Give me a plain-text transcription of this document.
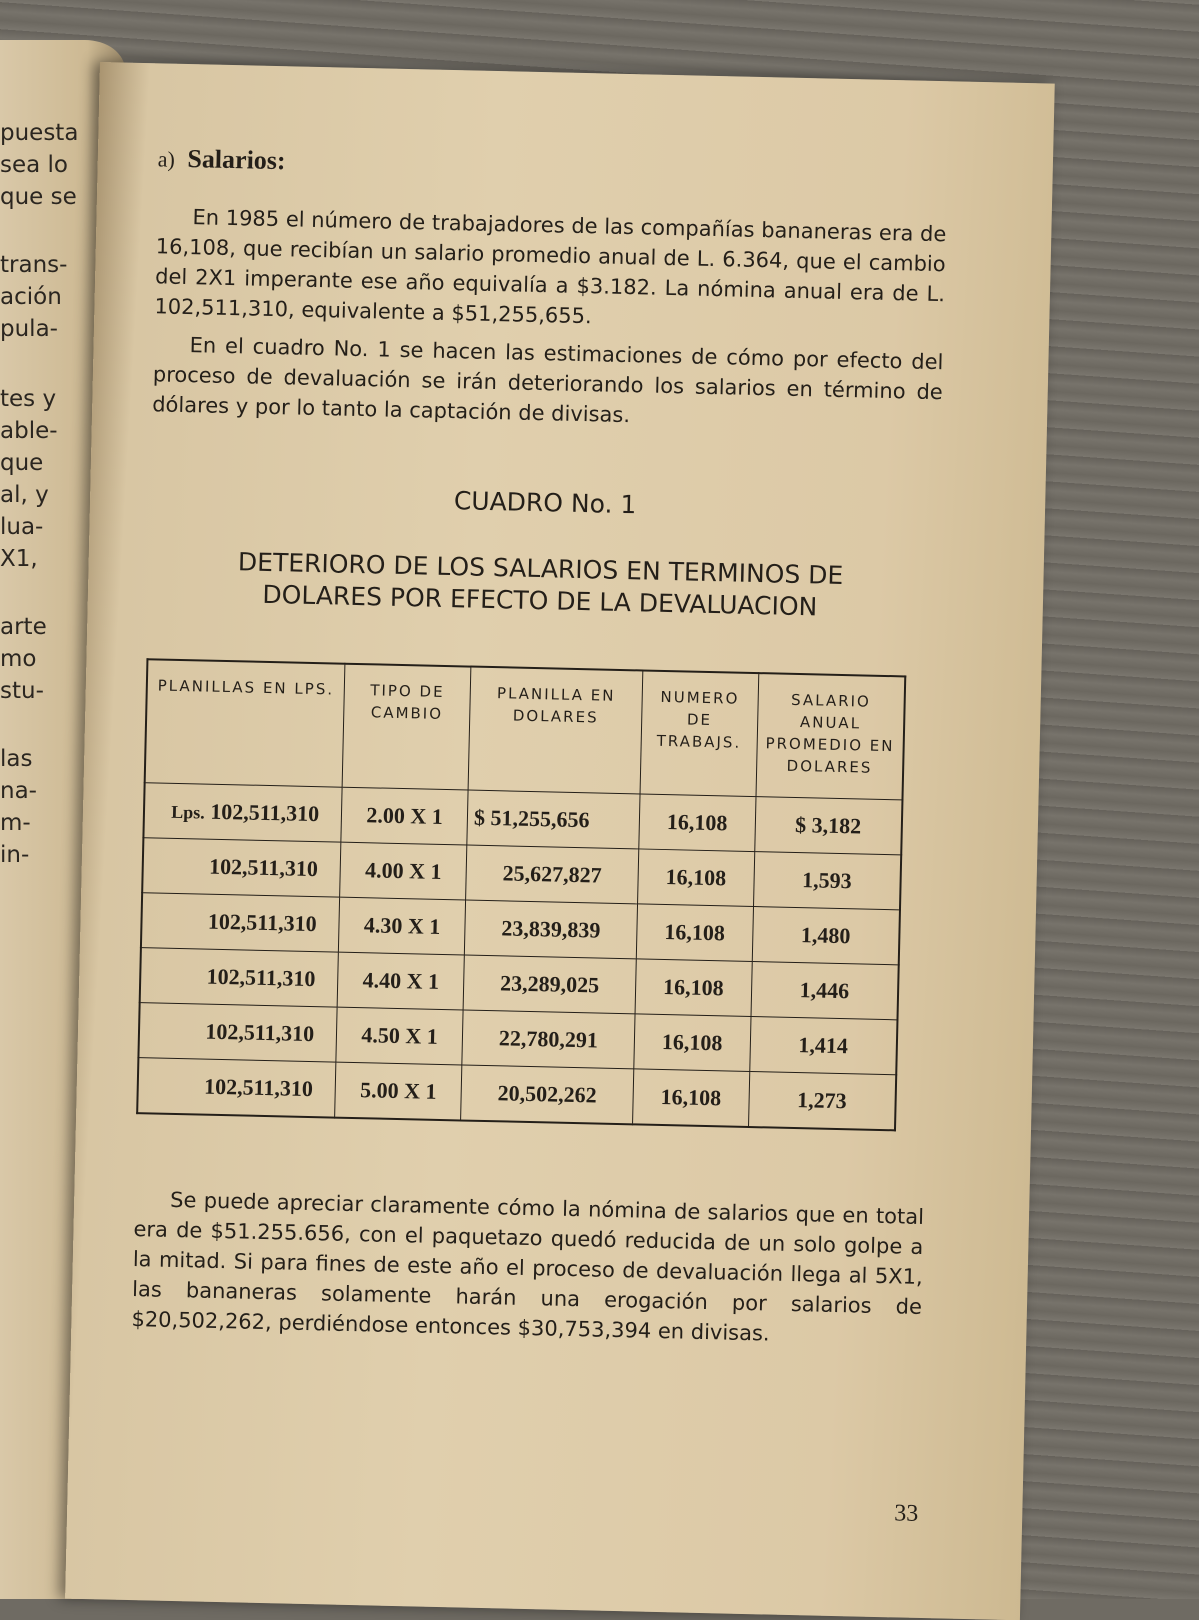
puesta
sea lo
que se
trans-
ación
pula-
tes y
able-
que
al, y
lua-
X1,
arte
mo
stu-
las
na-
m-
in-
a) Salarios:

En 1985 el número de trabajadores de las compañías bananeras era de 16,108, que recibían un salario promedio anual de L. 6.364, que el cambio del 2X1 imperante ese año equivalía a $3.182. La nómina anual era de L. 102,511,310, equivalente a $51,255,655.

En el cuadro No. 1 se hacen las estimaciones de cómo por efecto del proceso de devaluación se irán deteriorando los salarios en término de dólares y por lo tanto la captación de divisas.

CUADRO No. 1
DETERIORO DE LOS SALARIOS EN TERMINOS DE DOLARES POR EFECTO DE LA DEVALUACION
PLANILLAS EN LPS.	TIPO DE CAMBIO	PLANILLA EN DOLARES	NUMERO DE TRABAJS.	SALARIO ANUAL PROMEDIO EN DOLARES
Lps. 102,511,310	2.00 X 1	$ 51,255,656	16,108	$ 3,182
102,511,310	4.00 X 1	25,627,827	16,108	1,593
102,511,310	4.30 X 1	23,839,839	16,108	1,480
102,511,310	4.40 X 1	23,289,025	16,108	1,446
102,511,310	4.50 X 1	22,780,291	16,108	1,414
102,511,310	5.00 X 1	20,502,262	16,108	1,273

Se puede apreciar claramente cómo la nómina de salarios que en total era de $51.255.656, con el paquetazo quedó reducida de un solo golpe a la mitad. Si para fines de este año el proceso de devaluación llega al 5X1, las bananeras solamente harán una erogación por salarios de $20,502,262, perdiéndose entonces $30,753,394 en divisas.

33
